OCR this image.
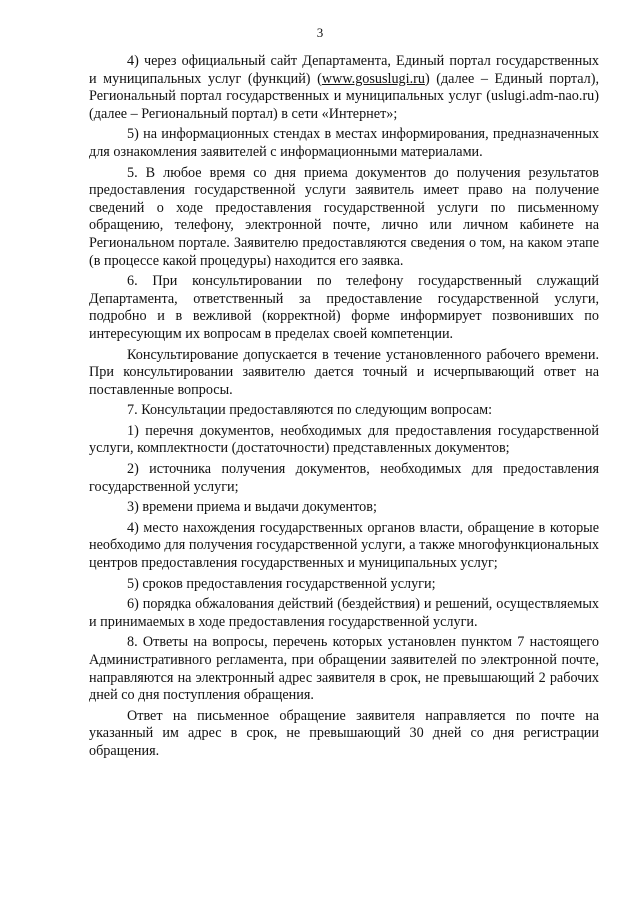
3

4) через официальный сайт Департамента, Единый портал государственных и муниципальных услуг (функций) (www.gosuslugi.ru) (далее – Единый портал), Региональный портал государственных и муниципальных услуг (uslugi.adm-nao.ru) (далее – Региональный портал) в сети «Интернет»;

5) на информационных стендах в местах информирования, предназначенных для ознакомления заявителей с информационными материалами.

5. В любое время со дня приема документов до получения результатов предоставления государственной услуги заявитель имеет право на получение сведений о ходе предоставления государственной услуги по письменному обращению, телефону, электронной почте, лично или личном кабинете на Региональном портале. Заявителю предоставляются сведения о том, на каком этапе (в процессе какой процедуры) находится его заявка.

6. При консультировании по телефону государственный служащий Департамента, ответственный за предоставление государственной услуги, подробно и в вежливой (корректной) форме информирует позвонивших по интересующим их вопросам в пределах своей компетенции.

Консультирование допускается в течение установленного рабочего времени. При консультировании заявителю дается точный и исчерпывающий ответ на поставленные вопросы.

7. Консультации предоставляются по следующим вопросам:

1) перечня документов, необходимых для предоставления государственной услуги, комплектности (достаточности) представленных документов;

2) источника получения документов, необходимых для предоставления государственной услуги;

3) времени приема и выдачи документов;

4) место нахождения государственных органов власти, обращение в которые необходимо для получения государственной услуги, а также многофункциональных центров предоставления государственных и муниципальных услуг;

5) сроков предоставления государственной услуги;

6) порядка обжалования действий (бездействия) и решений, осуществляемых и принимаемых в ходе предоставления государственной услуги.

8. Ответы на вопросы, перечень которых установлен пунктом 7 настоящего Административного регламента, при обращении заявителей по электронной почте, направляются на электронный адрес заявителя в срок, не превышающий 2 рабочих дней со дня поступления обращения.

Ответ на письменное обращение заявителя направляется по почте на указанный им адрес в срок, не превышающий 30 дней со дня регистрации обращения.
